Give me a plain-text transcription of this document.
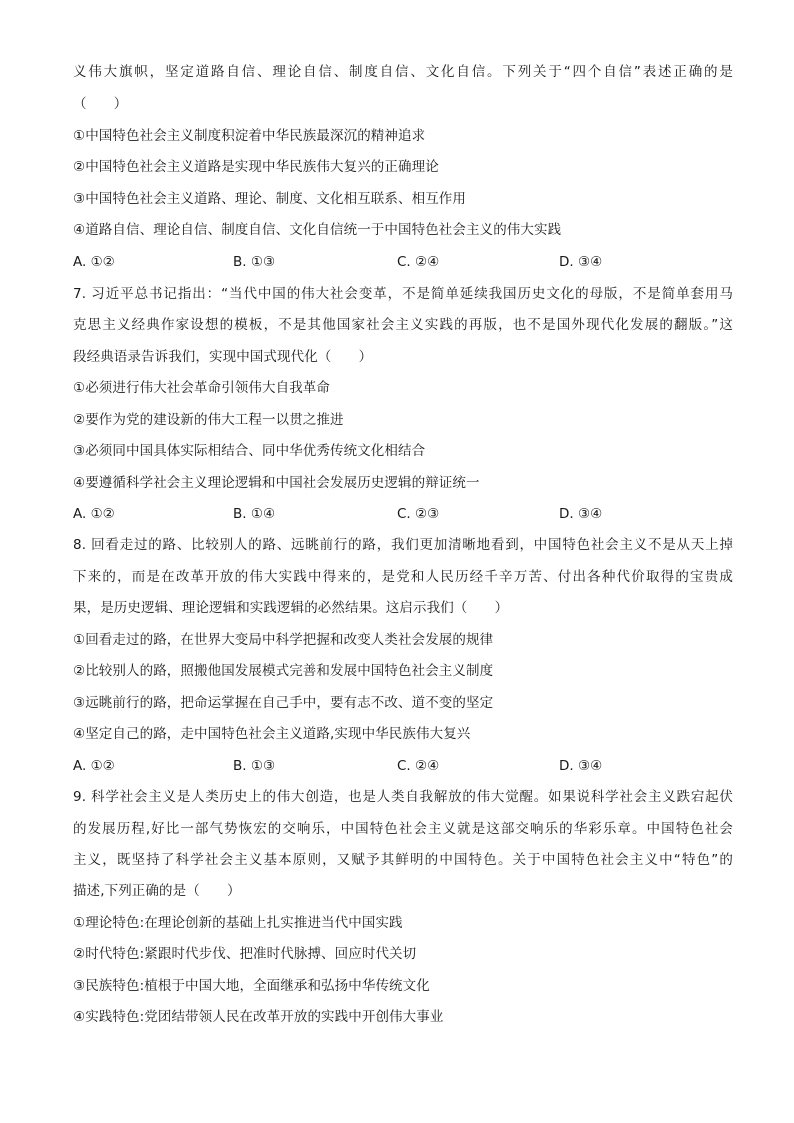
义伟大旗帜，坚定道路自信、理论自信、制度自信、文化自信。下列关于“四个自信”表述正确的是
（　　）
①中国特色社会主义制度积淀着中华民族最深沉的精神追求
②中国特色社会主义道路是实现中华民族伟大复兴的正确理论
③中国特色社会主义道路、理论、制度、文化相互联系、相互作用
④道路自信、理论自信、制度自信、文化自信统一于中国特色社会主义的伟大实践
A. ①②	B. ①③	C. ②④	D. ③④
7. 习近平总书记指出：“当代中国的伟大社会变革，不是简单延续我国历史文化的母版，不是简单套用马
克思主义经典作家设想的模板，不是其他国家社会主义实践的再版，也不是国外现代化发展的翻版。”这
段经典语录告诉我们，实现中国式现代化（　　）
①必须进行伟大社会革命引领伟大自我革命
②要作为党的建设新的伟大工程一以贯之推进
③必须同中国具体实际相结合、同中华优秀传统文化相结合
④要遵循科学社会主义理论逻辑和中国社会发展历史逻辑的辩证统一
A. ①②	B. ①④	C. ②③	D. ③④
8. 回看走过的路、比较别人的路、远眺前行的路，我们更加清晰地看到，中国特色社会主义不是从天上掉
下来的，而是在改革开放的伟大实践中得来的，是党和人民历经千辛万苦、付出各种代价取得的宝贵成
果，是历史逻辑、理论逻辑和实践逻辑的必然结果。这启示我们（　　）
①回看走过的路，在世界大变局中科学把握和改变人类社会发展的规律
②比较别人的路，照搬他国发展模式完善和发展中国特色社会主义制度
③远眺前行的路，把命运掌握在自己手中，要有志不改、道不变的坚定
④坚定自己的路，走中国特色社会主义道路,实现中华民族伟大复兴
A. ①②	B. ①③	C. ②④	D. ③④
9. 科学社会主义是人类历史上的伟大创造，也是人类自我解放的伟大觉醒。如果说科学社会主义跌宕起伏
的发展历程,好比一部气势恢宏的交响乐，中国特色社会主义就是这部交响乐的华彩乐章。中国特色社会
主义，既坚持了科学社会主义基本原则，又赋予其鲜明的中国特色。关于中国特色社会主义中“特色”的
描述,下列正确的是（　　）
①理论特色:在理论创新的基础上扎实推进当代中国实践
②时代特色:紧跟时代步伐、把准时代脉搏、回应时代关切
③民族特色:植根于中国大地，全面继承和弘扬中华传统文化
④实践特色:党团结带领人民在改革开放的实践中开创伟大事业
